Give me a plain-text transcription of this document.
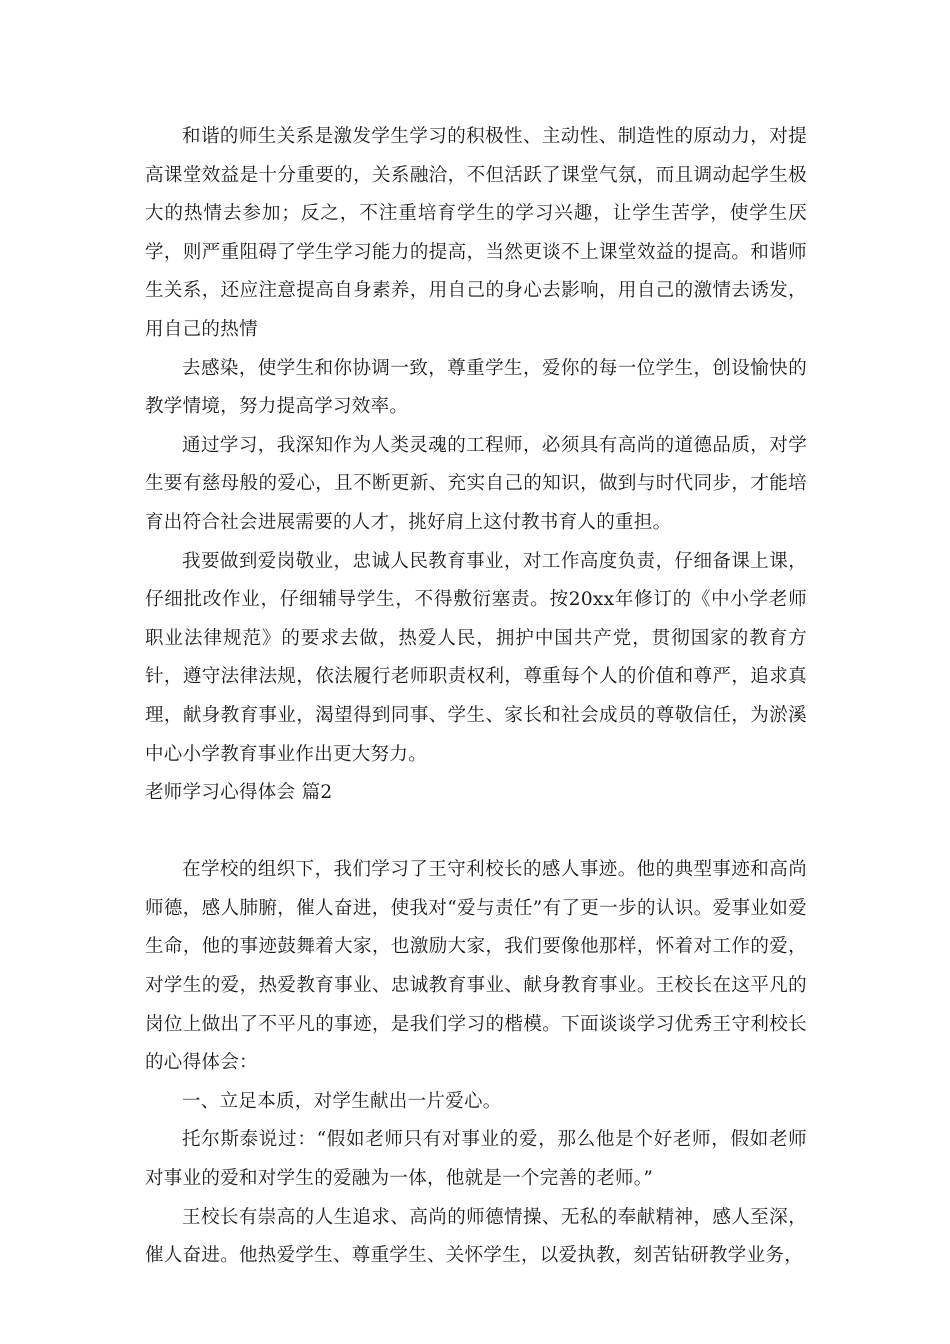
和谐的师生关系是激发学生学习的积极性、主动性、制造性的原动力，对提高课堂效益是十分重要的，关系融洽，不但活跃了课堂气氛，而且调动起学生极大的热情去参加；反之，不注重培育学生的学习兴趣，让学生苦学，使学生厌学，则严重阻碍了学生学习能力的提高，当然更谈不上课堂效益的提高。和谐师生关系，还应注意提高自身素养，用自己的身心去影响，用自己的激情去诱发，用自己的热情

去感染，使学生和你协调一致，尊重学生，爱你的每一位学生，创设愉快的教学情境，努力提高学习效率。

通过学习，我深知作为人类灵魂的工程师，必须具有高尚的道德品质，对学生要有慈母般的爱心，且不断更新、充实自己的知识，做到与时代同步，才能培育出符合社会进展需要的人才，挑好肩上这付教书育人的重担。

我要做到爱岗敬业，忠诚人民教育事业，对工作高度负责，仔细备课上课，仔细批改作业，仔细辅导学生，不得敷衍塞责。按20xx年修订的《中小学老师职业法律规范》的要求去做，热爱人民，拥护中国共产党，贯彻国家的教育方针，遵守法律法规，依法履行老师职责权利，尊重每个人的价值和尊严，追求真理，献身教育事业，渴望得到同事、学生、家长和社会成员的尊敬信任，为淤溪中心小学教育事业作出更大努力。

老师学习心得体会 篇2

在学校的组织下，我们学习了王守利校长的感人事迹。他的典型事迹和高尚师德，感人肺腑，催人奋进，使我对“爱与责任”有了更一步的认识。爱事业如爱生命，他的事迹鼓舞着大家，也激励大家，我们要像他那样，怀着对工作的爱，对学生的爱，热爱教育事业、忠诚教育事业、献身教育事业。王校长在这平凡的岗位上做出了不平凡的事迹，是我们学习的楷模。下面谈谈学习优秀王守利校长的心得体会：

一、立足本质，对学生献出一片爱心。

托尔斯泰说过：“假如老师只有对事业的爱，那么他是个好老师，假如老师对事业的爱和对学生的爱融为一体，他就是一个完善的老师。”

王校长有崇高的人生追求、高尚的师德情操、无私的奉献精神，感人至深，催人奋进。他热爱学生、尊重学生、关怀学生，以爱执教，刻苦钻研教学业务，
